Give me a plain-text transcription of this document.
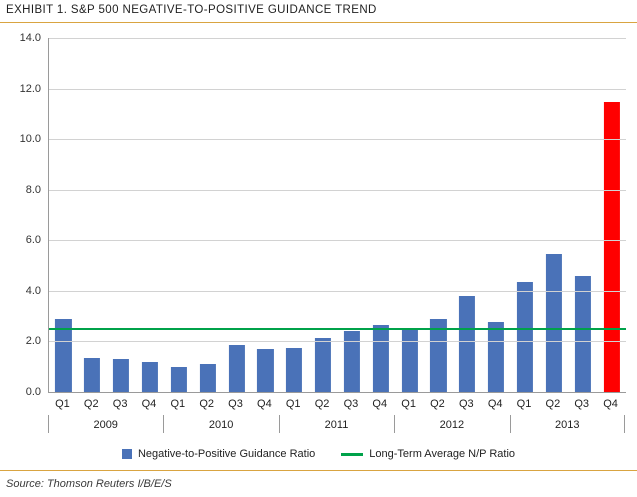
EXHIBIT 1. S&P 500 NEGATIVE-TO-POSITIVE GUIDANCE TREND
0.0
2.0
4.0
6.0
8.0
10.0
12.0
14.0
Q1	Q2	Q3	Q4	Q1	Q2	Q3	Q4	Q1	Q2	Q3	Q4	Q1	Q2	Q3	Q4	Q1	Q2	Q3	Q4
2009	2010	2011	2012	2013
Negative-to-Positive Guidance Ratio	Long-Term Average N/P Ratio
Source: Thomson Reuters I/B/E/S
